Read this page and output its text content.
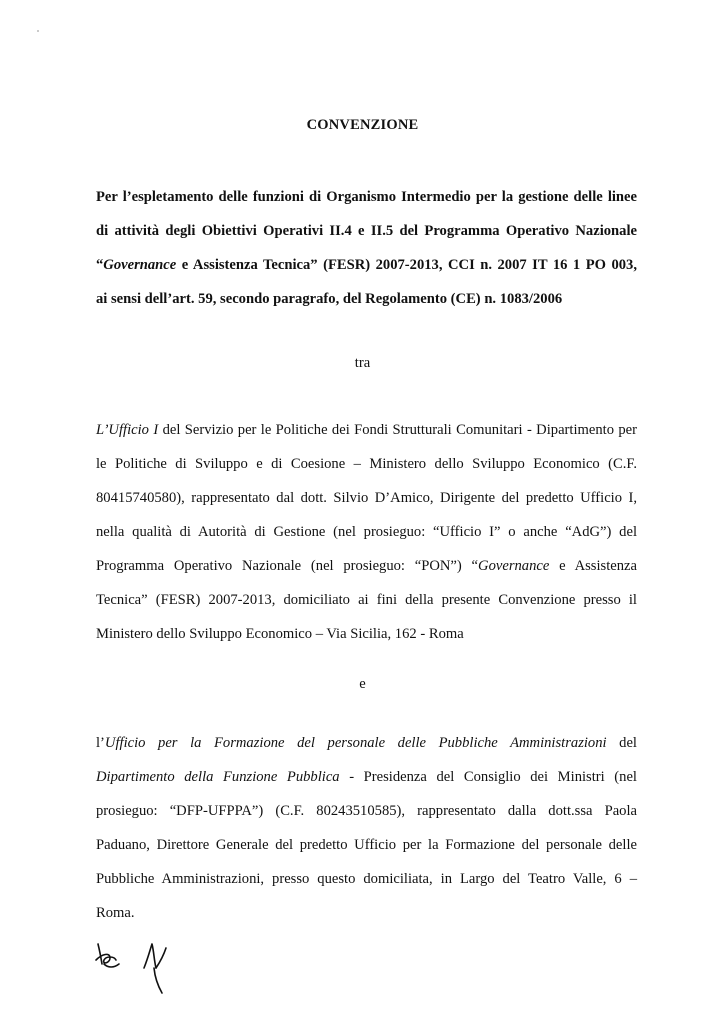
CONVENZIONE
Per l’espletamento delle funzioni di Organismo Intermedio per la gestione delle linee
di attività degli Obiettivi Operativi II.4 e II.5 del Programma Operativo Nazionale
“Governance e Assistenza Tecnica” (FESR) 2007-2013, CCI n. 2007 IT 16 1 PO 003,
ai sensi dell’art. 59, secondo paragrafo, del Regolamento (CE) n. 1083/2006
tra
L’Ufficio I del Servizio per le Politiche dei Fondi Strutturali Comunitari - Dipartimento per
le Politiche di Sviluppo e di Coesione – Ministero dello Sviluppo Economico (C.F.
80415740580), rappresentato dal dott. Silvio D’Amico, Dirigente del predetto Ufficio I,
nella qualità di Autorità di Gestione (nel prosieguo: “Ufficio I” o anche “AdG”) del
Programma Operativo Nazionale (nel prosieguo: “PON”) “Governance e Assistenza
Tecnica” (FESR) 2007-2013, domiciliato ai fini della presente Convenzione presso il
Ministero dello Sviluppo Economico – Via Sicilia, 162 - Roma
e
l’Ufficio per la Formazione del personale delle Pubbliche Amministrazioni del
Dipartimento della Funzione Pubblica - Presidenza del Consiglio dei Ministri (nel
prosieguo: “DFP-UFPPA”) (C.F. 80243510585), rappresentato dalla dott.ssa Paola
Paduano, Direttore Generale del predetto Ufficio per la Formazione del personale delle
Pubbliche Amministrazioni, presso questo domiciliata, in Largo del Teatro Valle, 6 –
Roma.
